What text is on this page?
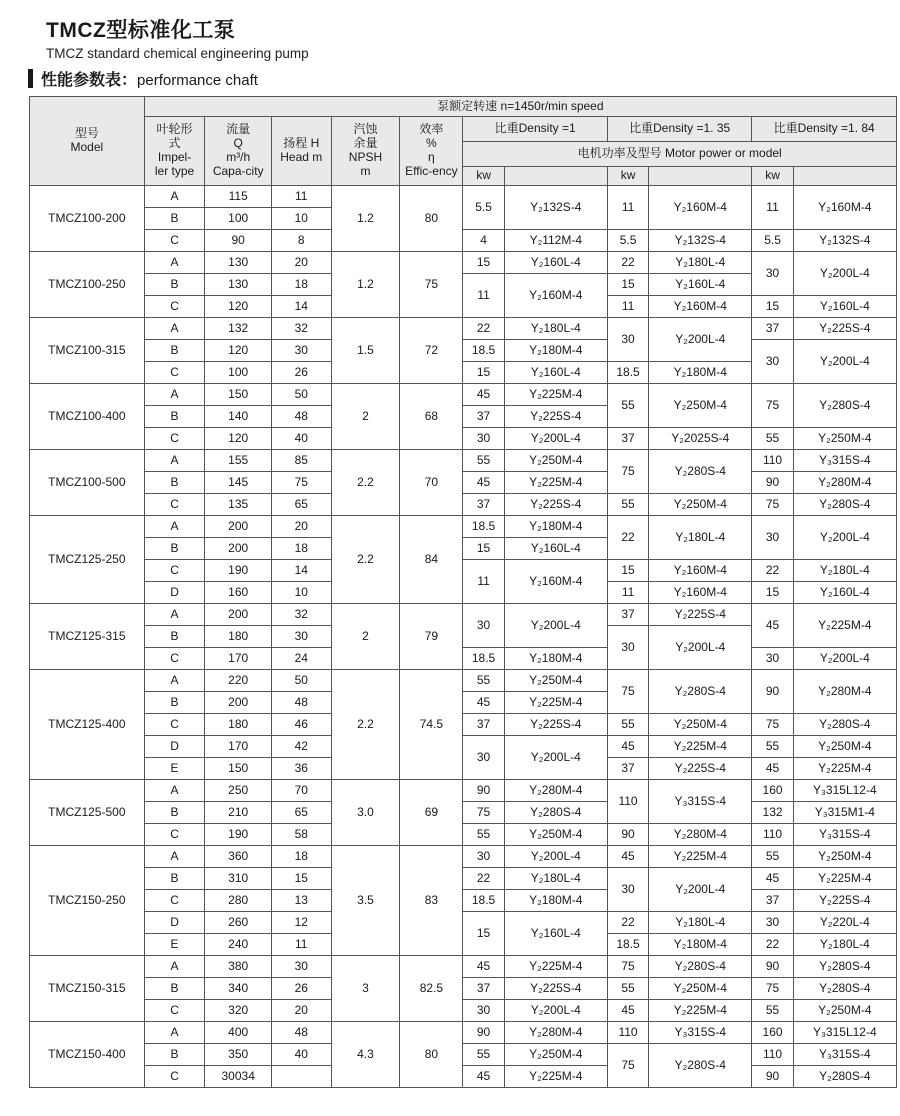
TMCZ型标准化工泵
TMCZ standard chemical engineering pump
性能参数表：performance chaft
型号
Model	泵额定转速 n=1450r/min speed										

叶轮形
式
Impel-
ler type

流量
Q
m³/h
Capa-city

扬程 H
Head m

汽蚀
余量
NPSH
m

效率
%
η
Effic-ency
	比重Density =1	比重Density =1. 35	比重Density =1. 84
						电机功率及型号 Motor power or model					
						kw		kw		kw	
TMCZ100-200	A	115	11	1.2	80	5.5	Y₂132S-4	11	Y₂160M-4	11	Y₂160M-4
	B	100	10								
	C	90	8			4	Y₂112M-4	5.5	Y₂132S-4	5.5	Y₂132S-4
TMCZ100-250	A	130	20	1.2	75	15	Y₂160L-4	22	Y₂180L-4	30	Y₂200L-4
	B	130	18			11	Y₂160M-4	15	Y₂160L-4		
	C	120	14					11	Y₂160M-4	15	Y₂160L-4
TMCZ100-315	A	132	32	1.5	72	22	Y₂180L-4	30	Y₂200L-4	37	Y₂225S-4
	B	120	30			18.5	Y₂180M-4			30	Y₂200L-4
	C	100	26			15	Y₂160L-4	18.5	Y₂180M-4		
TMCZ100-400	A	150	50	2	68	45	Y₂225M-4	55	Y₂250M-4	75	Y₂280S-4
	B	140	48			37	Y₂225S-4				
	C	120	40			30	Y₂200L-4	37	Y₂2025S-4	55	Y₂250M-4
TMCZ100-500	A	155	85	2.2	70	55	Y₂250M-4	75	Y₂280S-4	110	Y₃315S-4
	B	145	75			45	Y₂225M-4			90	Y₂280M-4
	C	135	65			37	Y₂225S-4	55	Y₂250M-4	75	Y₂280S-4
TMCZ125-250	A	200	20	2.2	84	18.5	Y₂180M-4	22	Y₂180L-4	30	Y₂200L-4
	B	200	18			15	Y₂160L-4				
	C	190	14			11	Y₂160M-4	15	Y₂160M-4	22	Y₂180L-4
	D	160	10					11	Y₂160M-4	15	Y₂160L-4
TMCZ125-315	A	200	32	2	79	30	Y₂200L-4	37	Y₂225S-4	45	Y₂225M-4
	B	180	30					30	Y₂200L-4		
	C	170	24			18.5	Y₂180M-4			30	Y₂200L-4
TMCZ125-400	A	220	50	2.2	74.5	55	Y₂250M-4	75	Y₂280S-4	90	Y₂280M-4
	B	200	48			45	Y₂225M-4				
	C	180	46			37	Y₂225S-4	55	Y₂250M-4	75	Y₂280S-4
	D	170	42			30	Y₂200L-4	45	Y₂225M-4	55	Y₂250M-4
	E	150	36					37	Y₂225S-4	45	Y₂225M-4
TMCZ125-500	A	250	70	3.0	69	90	Y₂280M-4	110	Y₃315S-4	160	Y₃315L12-4
	B	210	65			75	Y₂280S-4			132	Y₃315M1-4
	C	190	58			55	Y₂250M-4	90	Y₂280M-4	110	Y₃315S-4
TMCZ150-250	A	360	18	3.5	83	30	Y₂200L-4	45	Y₂225M-4	55	Y₂250M-4
	B	310	15			22	Y₂180L-4	30	Y₂200L-4	45	Y₂225M-4
	C	280	13			18.5	Y₂180M-4			37	Y₂225S-4
	D	260	12			15	Y₂160L-4	22	Y₂180L-4	30	Y₂220L-4
	E	240	11					18.5	Y₂180M-4	22	Y₂180L-4
TMCZ150-315	A	380	30	3	82.5	45	Y₂225M-4	75	Y₂280S-4	90	Y₂280S-4
	B	340	26			37	Y₂225S-4	55	Y₂250M-4	75	Y₂280S-4
	C	320	20			30	Y₂200L-4	45	Y₂225M-4	55	Y₂250M-4
TMCZ150-400	A	400	48	4.3	80	90	Y₂280M-4	110	Y₃315S-4	160	Y₃315L12-4
	B	350	40			55	Y₂250M-4	75	Y₂280S-4	110	Y₃315S-4
	C	30034				45	Y₂225M-4			90	Y₂280S-4
